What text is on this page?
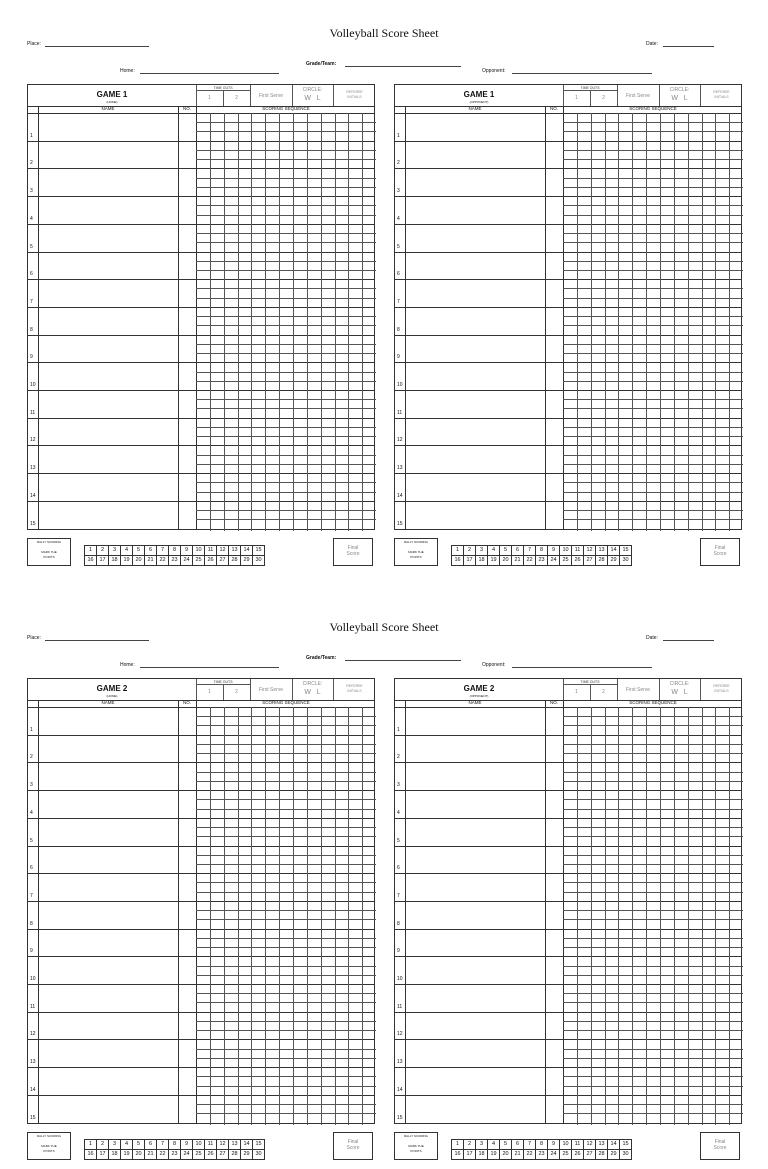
Volleyball Score Sheet
Place:	Date:
Grade/Team:
Home:	Opponent:
GAME 1
(HOME)
TIME OUTS
1	2	First Serve
CIRCLE:
W   L
REFEREE
INITIALS
NAME	NO.	SCORING SEQUENCE
1
2
3
4
5
6
7
8
9
10
11
12
13
14
15
RALLY SCORING
MARK THE
POINTS
1	2	3	4	5	6	7	8	9	10	11	12	13	14	15
16	17	18	19	20	21	22	23	24	25	26	27	28	29	30
Final
Score
GAME 1
(OPPONENT)
TIME OUTS
1	2	First Serve
CIRCLE:
W   L
REFEREE
INITIALS
NAME	NO.	SCORING SEQUENCE
1
2
3
4
5
6
7
8
9
10
11
12
13
14
15
RALLY SCORING
MARK THE
POINTS
1	2	3	4	5	6	7	8	9	10	11	12	13	14	15
16	17	18	19	20	21	22	23	24	25	26	27	28	29	30
Final
Score
Volleyball Score Sheet
Place:	Date:
Grade/Team:
Home:	Opponent:
GAME 2
(HOME)
TIME OUTS
1	2	First Serve
CIRCLE:
W   L
REFEREE
INITIALS
NAME	NO.	SCORING SEQUENCE
1
2
3
4
5
6
7
8
9
10
11
12
13
14
15
RALLY SCORING
MARK THE
POINTS
1	2	3	4	5	6	7	8	9	10	11	12	13	14	15
16	17	18	19	20	21	22	23	24	25	26	27	28	29	30
Final
Score
GAME 2
(OPPONENT)
TIME OUTS
1	2	First Serve
CIRCLE:
W   L
REFEREE
INITIALS
NAME	NO.	SCORING SEQUENCE
1
2
3
4
5
6
7
8
9
10
11
12
13
14
15
RALLY SCORING
MARK THE
POINTS
1	2	3	4	5	6	7	8	9	10	11	12	13	14	15
16	17	18	19	20	21	22	23	24	25	26	27	28	29	30
Final
Score
